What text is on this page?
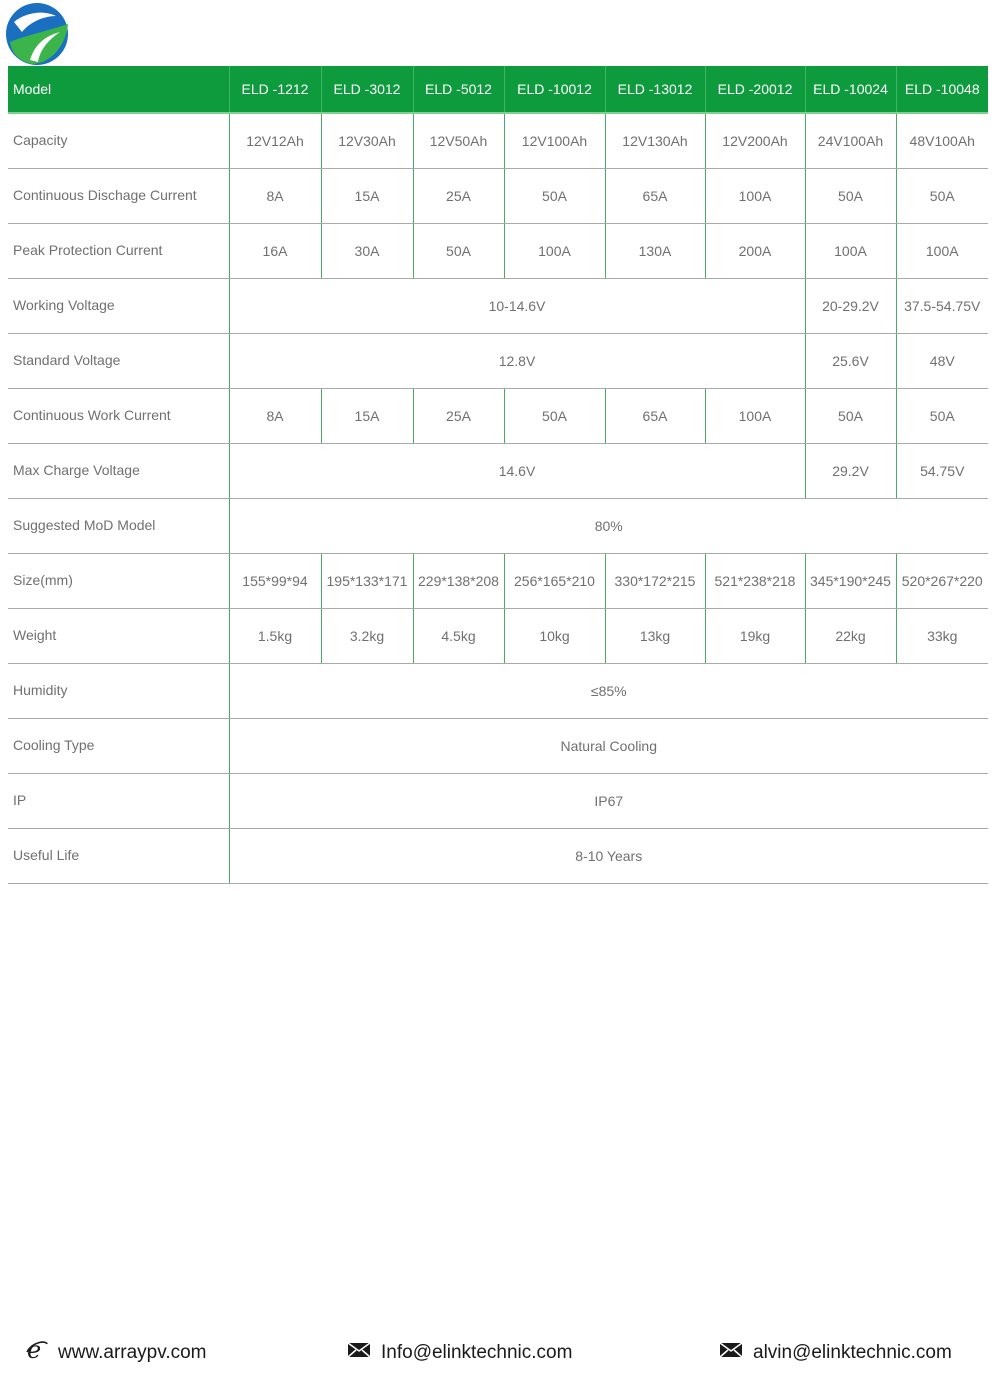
Model	ELD -1212	ELD -3012	ELD -5012	ELD -10012	ELD -13012	ELD -20012	ELD -10024	ELD -10048
Capacity	12V12Ah	12V30Ah	12V50Ah	12V100Ah	12V130Ah	12V200Ah	24V100Ah	48V100Ah
Continuous Dischage Current	8A	15A	25A	50A	65A	100A	50A	50A
Peak Protection Current	16A	30A	50A	100A	130A	200A	100A	100A
Working Voltage	10-14.6V						20-29.2V	37.5-54.75V
Standard Voltage	12.8V						25.6V	48V
Continuous Work Current	8A	15A	25A	50A	65A	100A	50A	50A
Max Charge Voltage	14.6V						29.2V	54.75V
Suggested MoD Model	80%							
Size(mm)	155*99*94	195*133*171	229*138*208	256*165*210	330*172*215	521*238*218	345*190*245	520*267*220
Weight	1.5kg	3.2kg	4.5kg	10kg	13kg	19kg	22kg	33kg
Humidity	≤85%							
Cooling Type	Natural Cooling							
IP	IP67							
Useful Life	8-10 Years							
e www.arraypv.com	Info@elinktechnic.com	alvin@elinktechnic.com
